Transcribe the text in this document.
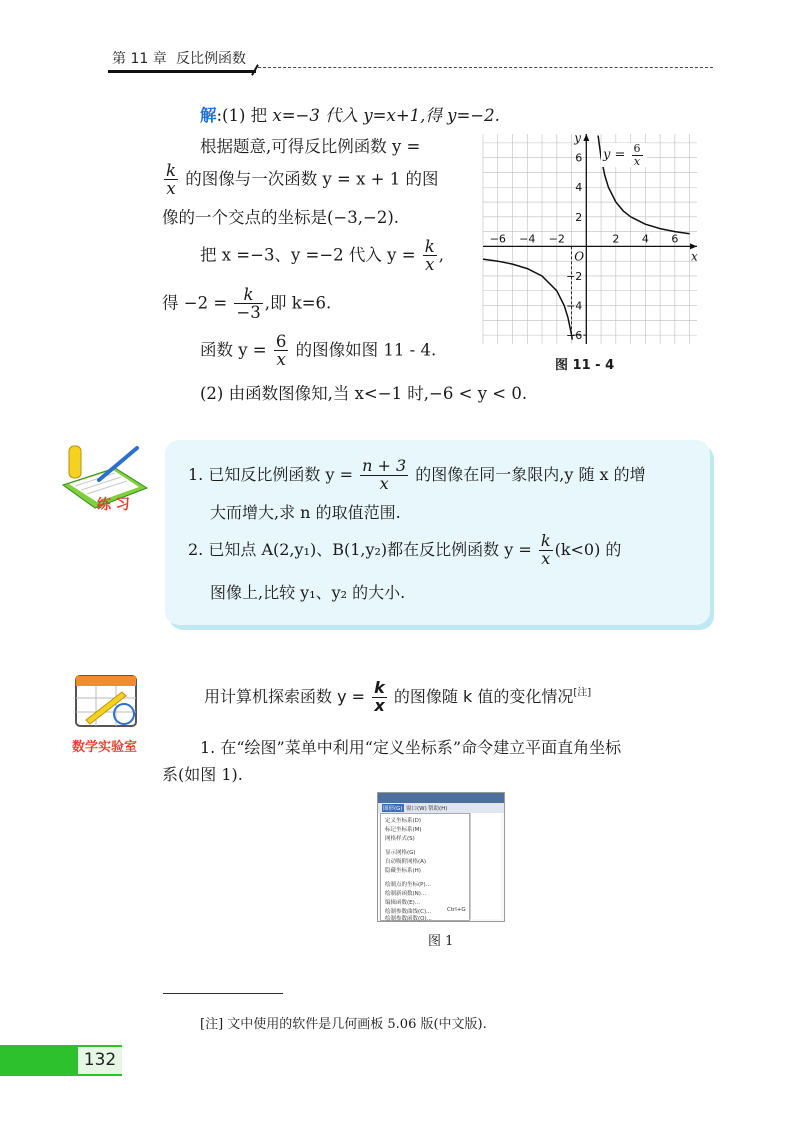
第 11 章 反比例函数
解:(1) 把 x=−3 代入 y=x+1,得 y=−2.
根据题意,可得反比例函数 y =
$\frac{k}{x}$ 的图像与一次函数 y = x + 1 的图
像的一个交点的坐标是(−3,−2).
把 x =−3、y =−2 代入 $y = \frac{k}{x}$ ,
得 $-2 = \frac{k}{-3}$ ,即 k=6.
函数 $y = \frac{6}{x}$ 的图像如图 11 - 4.
(2) 由函数图像知,当 x<−1 时,−6 < y < 0.
x
y
O
−6 −4 −2	2 4 6
6
4
2
−2
−4
−6
$y = \frac{6}{x}$
图 11 - 4
练 习
1. 已知反比例函数 $y = \frac{n + 3}{x}$ 的图像在同一象限内,y 随 x 的增
大而增大,求 n 的取值范围.
2. 已知点 A(2,y₁)、B(1,y₂)都在反比例函数 $y = \frac{k}{x} (k<0)$ 的
图像上,比较 y₁、y₂ 的大小.
数学实验室
用计算机探索函数 $y = \frac{k}{x}$ 的图像随 k 值的变化情况[注]
1. 在“绘图”菜单中利用“定义坐标系”命令建立平面直角坐标
系(如图 1).
图形(G) 窗口(W) 帮助(H)
定义坐标系(D)
标记坐标系(M)
网格样式(S)
显示网格(G)
自动吸附网格(A)
隐藏坐标系(H)
绘制点的坐标(P)...
绘制新函数(N)...
编辑函数(E)...
绘制参数曲线(C)...
绘制参数函数(O)...
Ctrl+G
图 1
[注] 文中使用的软件是几何画板 5.06 版(中文版).
132
